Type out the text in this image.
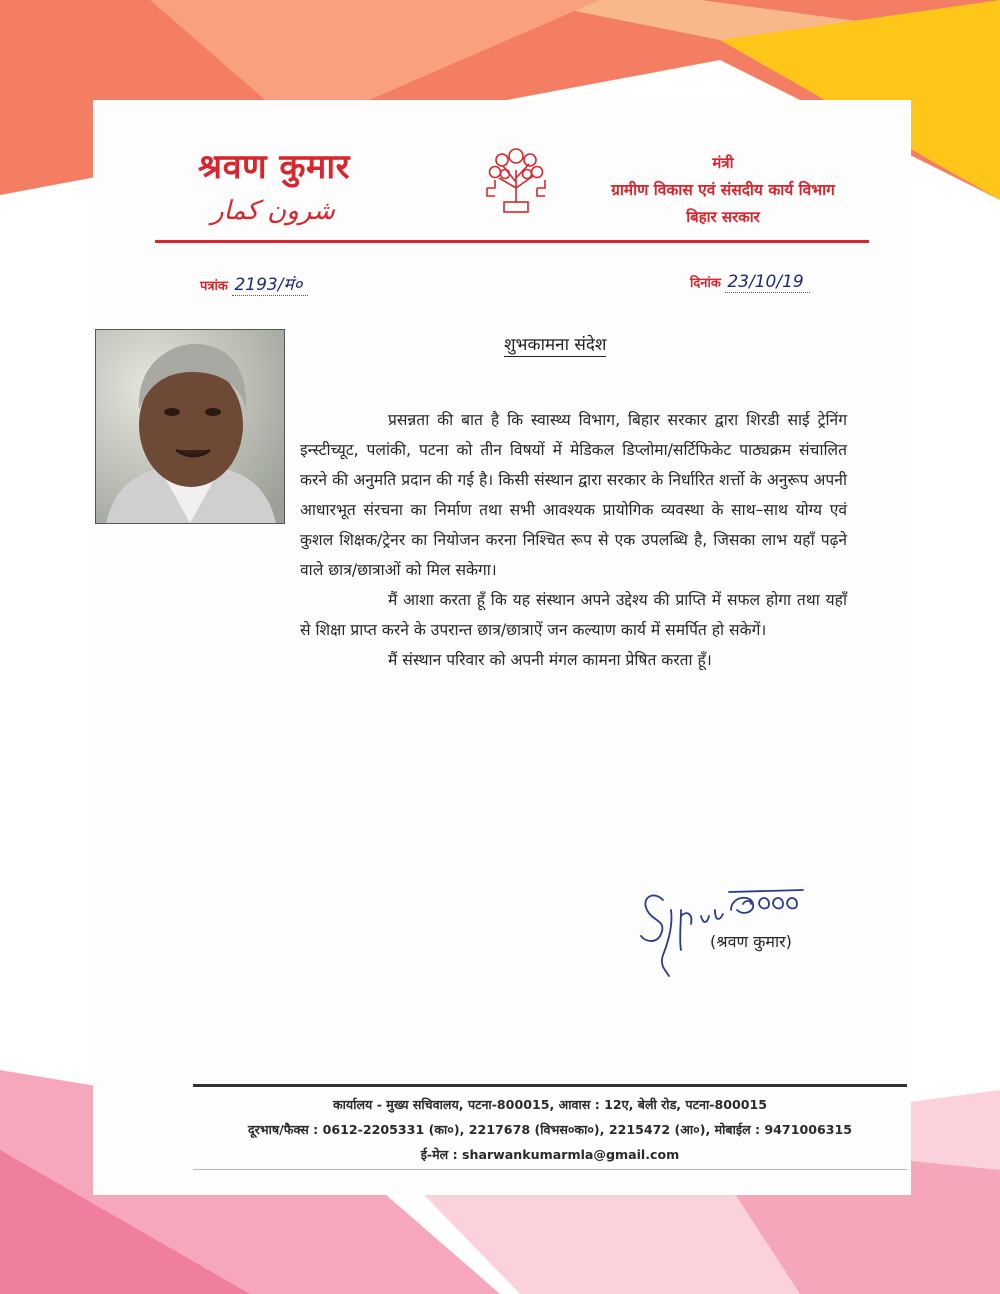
श्रवण कुमार
شرون کمار
मंत्री
ग्रामीण विकास एवं संसदीय कार्य विभाग
बिहार सरकार
पत्रांक 2193/मं०	दिनांक 23/10/19
शुभकामना संदेश

प्रसन्नता की बात है कि स्वास्थ्य विभाग, बिहार सरकार द्वारा शिरडी साई ट्रेनिंग इन्स्टीच्यूट, पलांकी, पटना को तीन विषयों में मेडिकल डिप्लोमा/सर्टिफिकेट पाठ्यक्रम संचालित करने की अनुमति प्रदान की गई है। किसी संस्थान द्वारा सरकार के निर्धारित शर्त्तो के अनुरूप अपनी आधारभूत संरचना का निर्माण तथा सभी आवश्यक प्रायोगिक व्यवस्था के साथ–साथ योग्य एवं कुशल शिक्षक/ट्रेनर का नियोजन करना निश्चित रूप से एक उपलब्धि है, जिसका लाभ यहाँ पढ़ने वाले छात्र/छात्राओं को मिल सकेगा।

मैं आशा करता हूँ कि यह संस्थान अपने उद्देश्य की प्राप्ति में सफल होगा तथा यहाँ से शिक्षा प्राप्त करने के उपरान्त छात्र/छात्राऐं जन कल्याण कार्य में समर्पित हो सकेगें।

मैं संस्थान परिवार को अपनी मंगल कामना प्रेषित करता हूँ।

(श्रवण कुमार)
कार्यालय - मुख्य सचिवालय, पटना-800015, आवास : 12ए, बेली रोड, पटना-800015
दूरभाष/फैक्स : 0612-2205331 (का०), 2217678 (विभस०का०), 2215472 (आ०), मोबाईल : 9471006315
ई-मेल : sharwankumarmla@gmail.com
